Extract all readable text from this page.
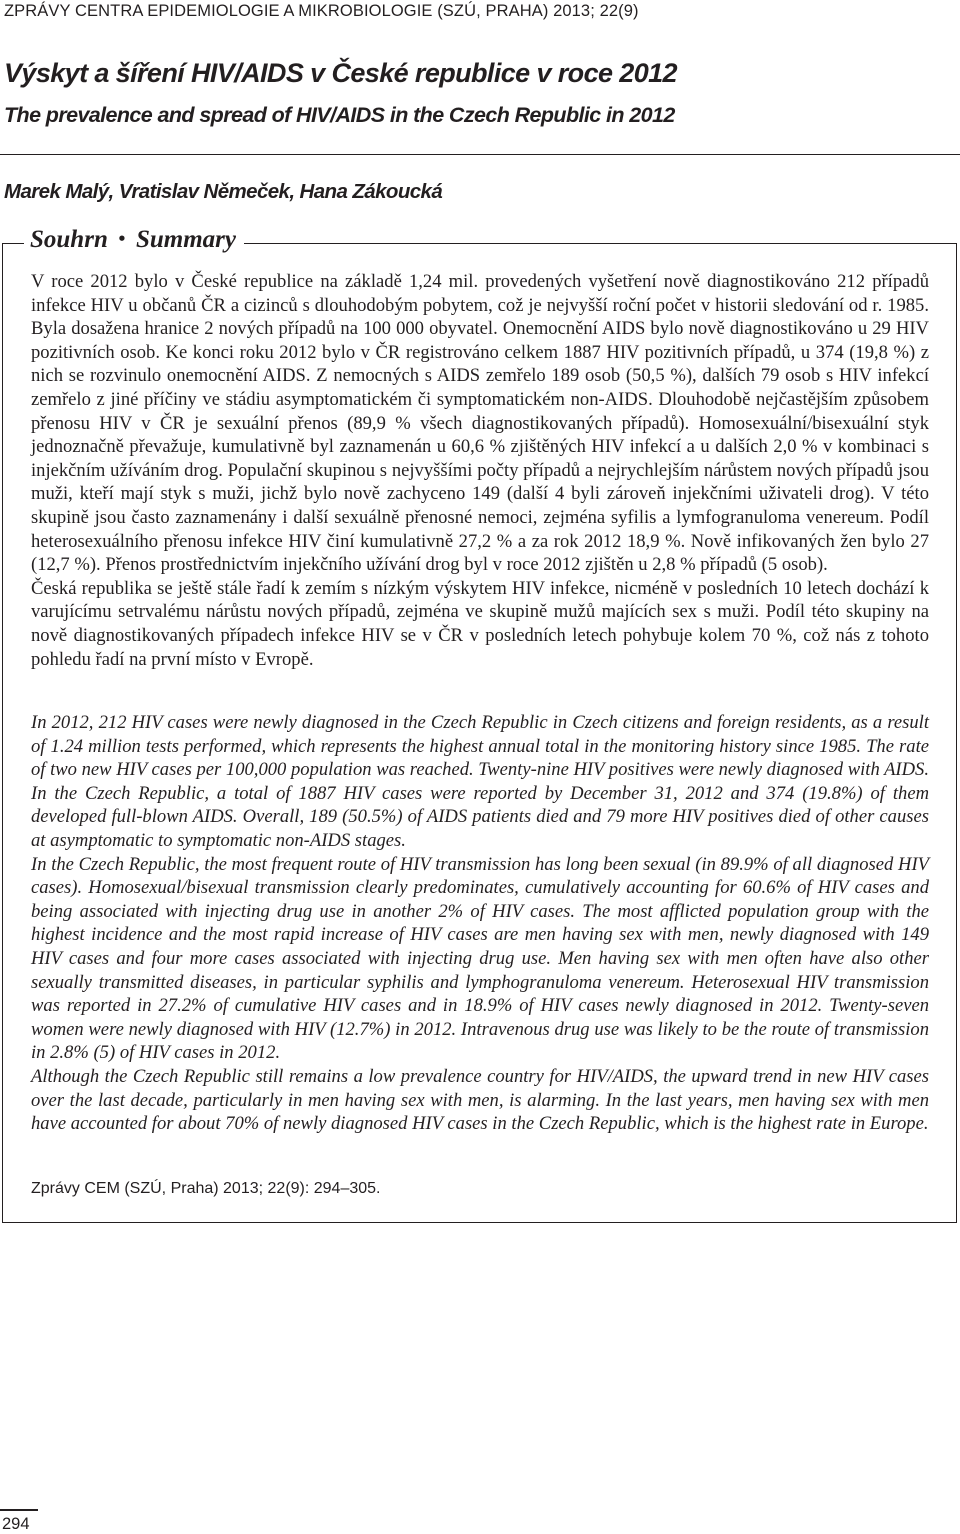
ZPRÁVY CENTRA EPIDEMIOLOGIE A MIKROBIOLOGIE (SZÚ, PRAHA) 2013; 22(9)
Výskyt a šíření HIV/AIDS v České republice v roce 2012
The prevalence and spread of HIV/AIDS in the Czech Republic in 2012
Marek Malý, Vratislav Němeček, Hana Zákoucká
Souhrn • Summary

V roce 2012 bylo v České republice na základě 1,24 mil. provedených vyšetření nově diagnostikováno 212 případů infekce HIV u občanů ČR a cizinců s dlouhodobým pobytem, což je nejvyšší roční počet v historii sledování od r. 1985. Byla dosažena hranice 2 nových případů na 100 000 obyvatel. Onemocnění AIDS bylo nově diagnostikováno u 29 HIV pozitivních osob. Ke konci roku 2012 bylo v ČR registrováno celkem 1887 HIV pozitivních případů, u 374 (19,8 %) z nich se rozvinulo onemocnění AIDS. Z nemocných s AIDS zemřelo 189 osob (50,5 %), dalších 79 osob s HIV infekcí zemřelo z jiné příčiny ve stádiu asymptomatickém či symptomatickém non-AIDS. Dlouhodobě nejčastějším způsobem přenosu HIV v ČR je sexuální přenos (89,9 % všech diagnostikovaných případů). Homosexuální/bisexuální styk jednoznačně převažuje, kumulativně byl zaznamenán u 60,6 % zjištěných HIV infekcí a u dalších 2,0 % v kombinaci s injekčním užíváním drog. Populační skupinou s nejvyššími počty případů a nejrychlejším nárůstem nových případů jsou muži, kteří mají styk s muži, jichž bylo nově zachyceno 149 (další 4 byli zároveň injekčními uživateli drog). V této skupině jsou často zaznamenány i další sexuálně přenosné nemoci, zejména syfilis a lymfogranuloma venereum. Podíl heterosexuálního přenosu infekce HIV činí kumulativně 27,2 % a za rok 2012 18,9 %. Nově infikovaných žen bylo 27 (12,7 %). Přenos prostřednictvím injekčního užívání drog byl v roce 2012 zjištěn u 2,8 % případů (5 osob).

Česká republika se ještě stále řadí k zemím s nízkým výskytem HIV infekce, nicméně v posledních 10 letech dochází k varujícímu setrvalému nárůstu nových případů, zejména ve skupině mužů majících sex s muži. Podíl této skupiny na nově diagnostikovaných případech infekce HIV se v ČR v posledních letech pohybuje kolem 70 %, což nás z tohoto pohledu řadí na první místo v Evropě.

In 2012, 212 HIV cases were newly diagnosed in the Czech Republic in Czech citizens and foreign residents, as a result of 1.24 million tests performed, which represents the highest annual total in the monitoring history since 1985. The rate of two new HIV cases per 100,000 population was reached. Twenty-nine HIV positives were newly diagnosed with AIDS. In the Czech Republic, a total of 1887 HIV cases were reported by December 31, 2012 and 374 (19.8%) of them developed full-blown AIDS. Overall, 189 (50.5%) of AIDS patients died and 79 more HIV positives died of other causes at asymptomatic to symptomatic non-AIDS stages.

In the Czech Republic, the most frequent route of HIV transmission has long been sexual (in 89.9% of all diagnosed HIV cases). Homosexual/bisexual transmission clearly predominates, cumulatively accounting for 60.6% of HIV cases and being associated with injecting drug use in another 2% of HIV cases. The most afflicted population group with the highest incidence and the most rapid increase of HIV cases are men having sex with men, newly diagnosed with 149 HIV cases and four more cases associated with injecting drug use. Men having sex with men often have also other sexually transmitted diseases, in particular syphilis and lymphogranuloma venereum. Heterosexual HIV transmission was reported in 27.2% of cumulative HIV cases and in 18.9% of HIV cases newly diagnosed in 2012. Twenty-seven women were newly diagnosed with HIV (12.7%) in 2012. Intravenous drug use was likely to be the route of transmission in 2.8% (5) of HIV cases in 2012.

Although the Czech Republic still remains a low prevalence country for HIV/AIDS, the upward trend in new HIV cases over the last decade, particularly in men having sex with men, is alarming. In the last years, men having sex with men have accounted for about 70% of newly diagnosed HIV cases in the Czech Republic, which is the highest rate in Europe.

Zprávy CEM (SZÚ, Praha) 2013; 22(9): 294–305.
294
